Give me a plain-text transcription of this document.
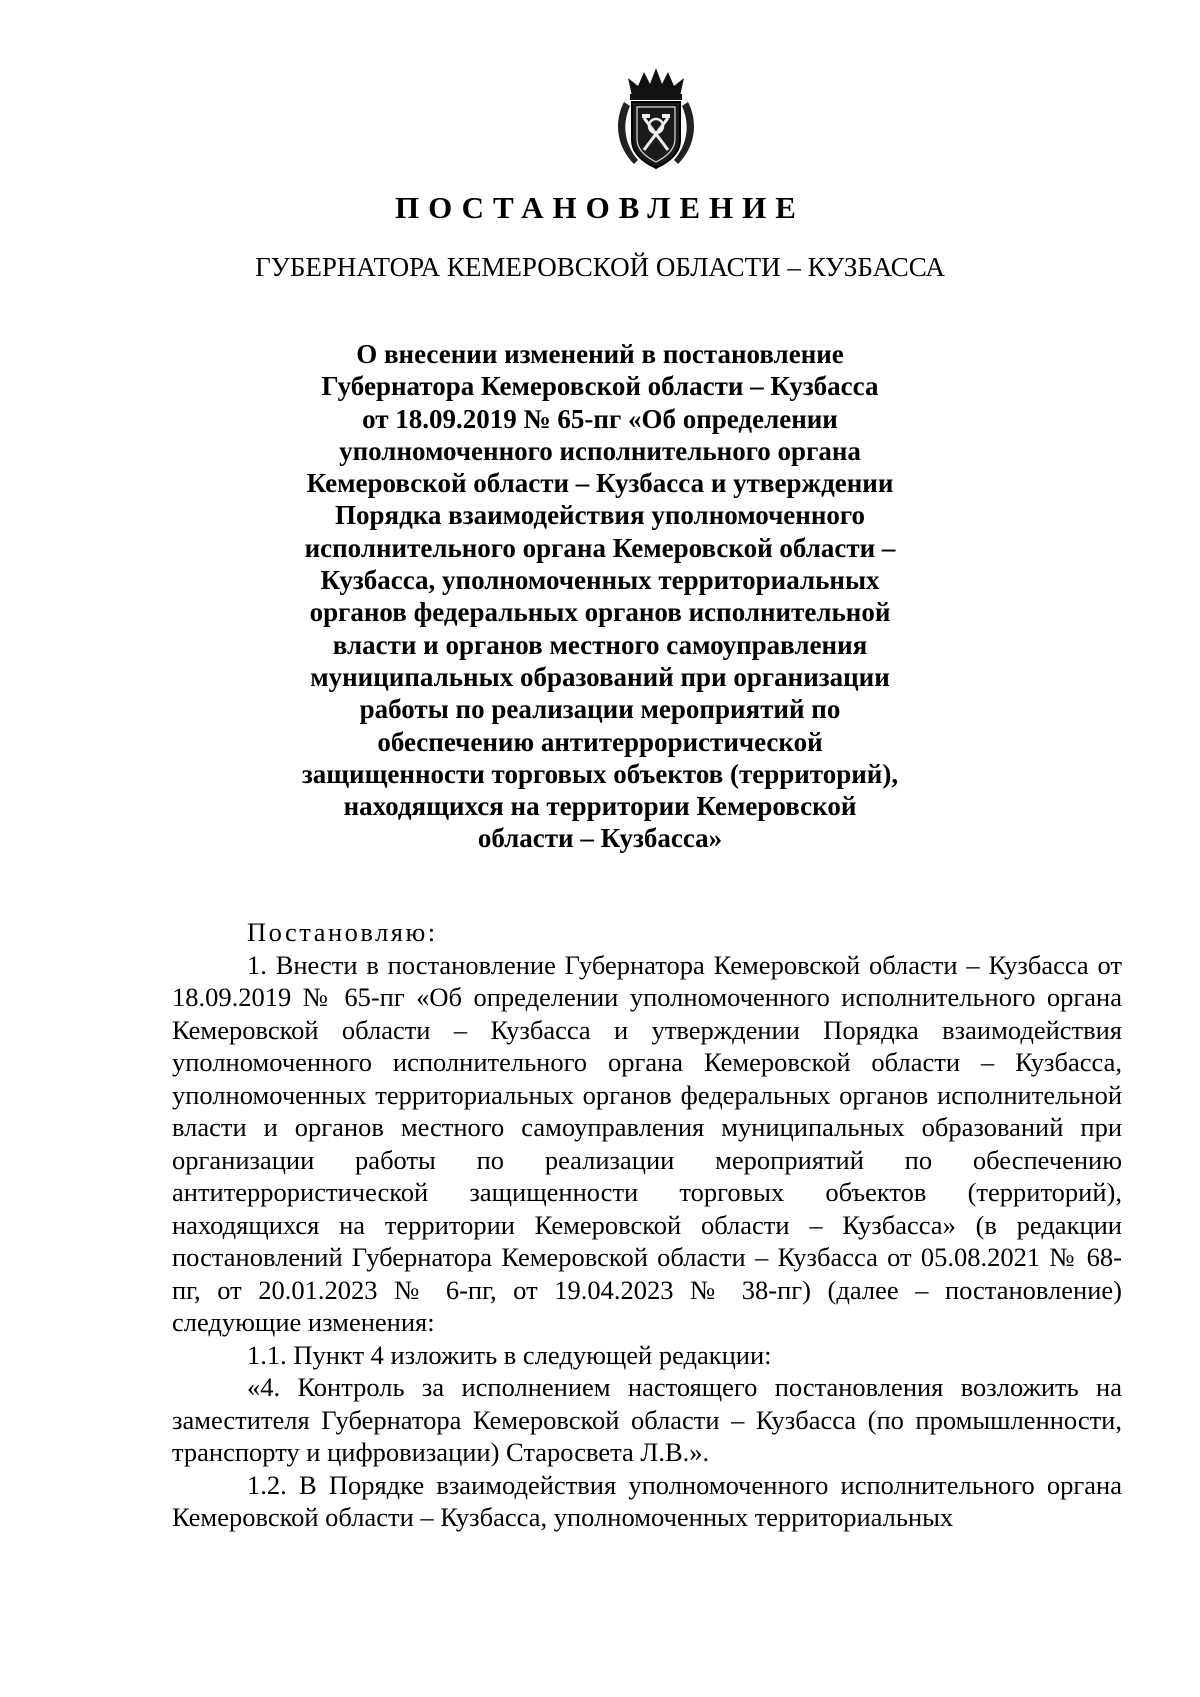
ПОСТАНОВЛЕНИЕ
ГУБЕРНАТОРА КЕМЕРОВСКОЙ ОБЛАСТИ – КУЗБАССА
О внесении изменений в постановление
Губернатора Кемеровской области – Кузбасса
от 18.09.2019 № 65-пг «Об определении
уполномоченного исполнительного органа
Кемеровской области – Кузбасса и утверждении
Порядка взаимодействия уполномоченного
исполнительного органа Кемеровской области –
Кузбасса, уполномоченных территориальных
органов федеральных органов исполнительной
власти и органов местного самоуправления
муниципальных образований при организации
работы по реализации мероприятий по
обеспечению антитеррористической
защищенности торговых объектов (территорий),
находящихся на территории Кемеровской
области – Кузбасса»

Постановляю:

1. Внести в постановление Губернатора Кемеровской области – Кузбасса от 18.09.2019 № 65-пг «Об определении уполномоченного исполнительного органа Кемеровской области – Кузбасса и утверждении Порядка взаимодействия уполномоченного исполнительного органа Кемеровской области – Кузбасса, уполномоченных территориальных органов федеральных органов исполнительной власти и органов местного самоуправления муниципальных образований при организации работы по реализации мероприятий по обеспечению антитеррористической защищенности торговых объектов (территорий), находящихся на территории Кемеровской области – Кузбасса» (в редакции постановлений Губернатора Кемеровской области – Кузбасса от 05.08.2021 № 68-пг, от 20.01.2023 № 6-пг, от 19.04.2023 № 38-пг) (далее – постановление) следующие изменения:

1.1. Пункт 4 изложить в следующей редакции:

«4. Контроль за исполнением настоящего постановления возложить на заместителя Губернатора Кемеровской области – Кузбасса (по промышленности, транспорту и цифровизации) Старосвета Л.В.».

1.2. В Порядке взаимодействия уполномоченного исполнительного органа Кемеровской области – Кузбасса, уполномоченных территориальных
